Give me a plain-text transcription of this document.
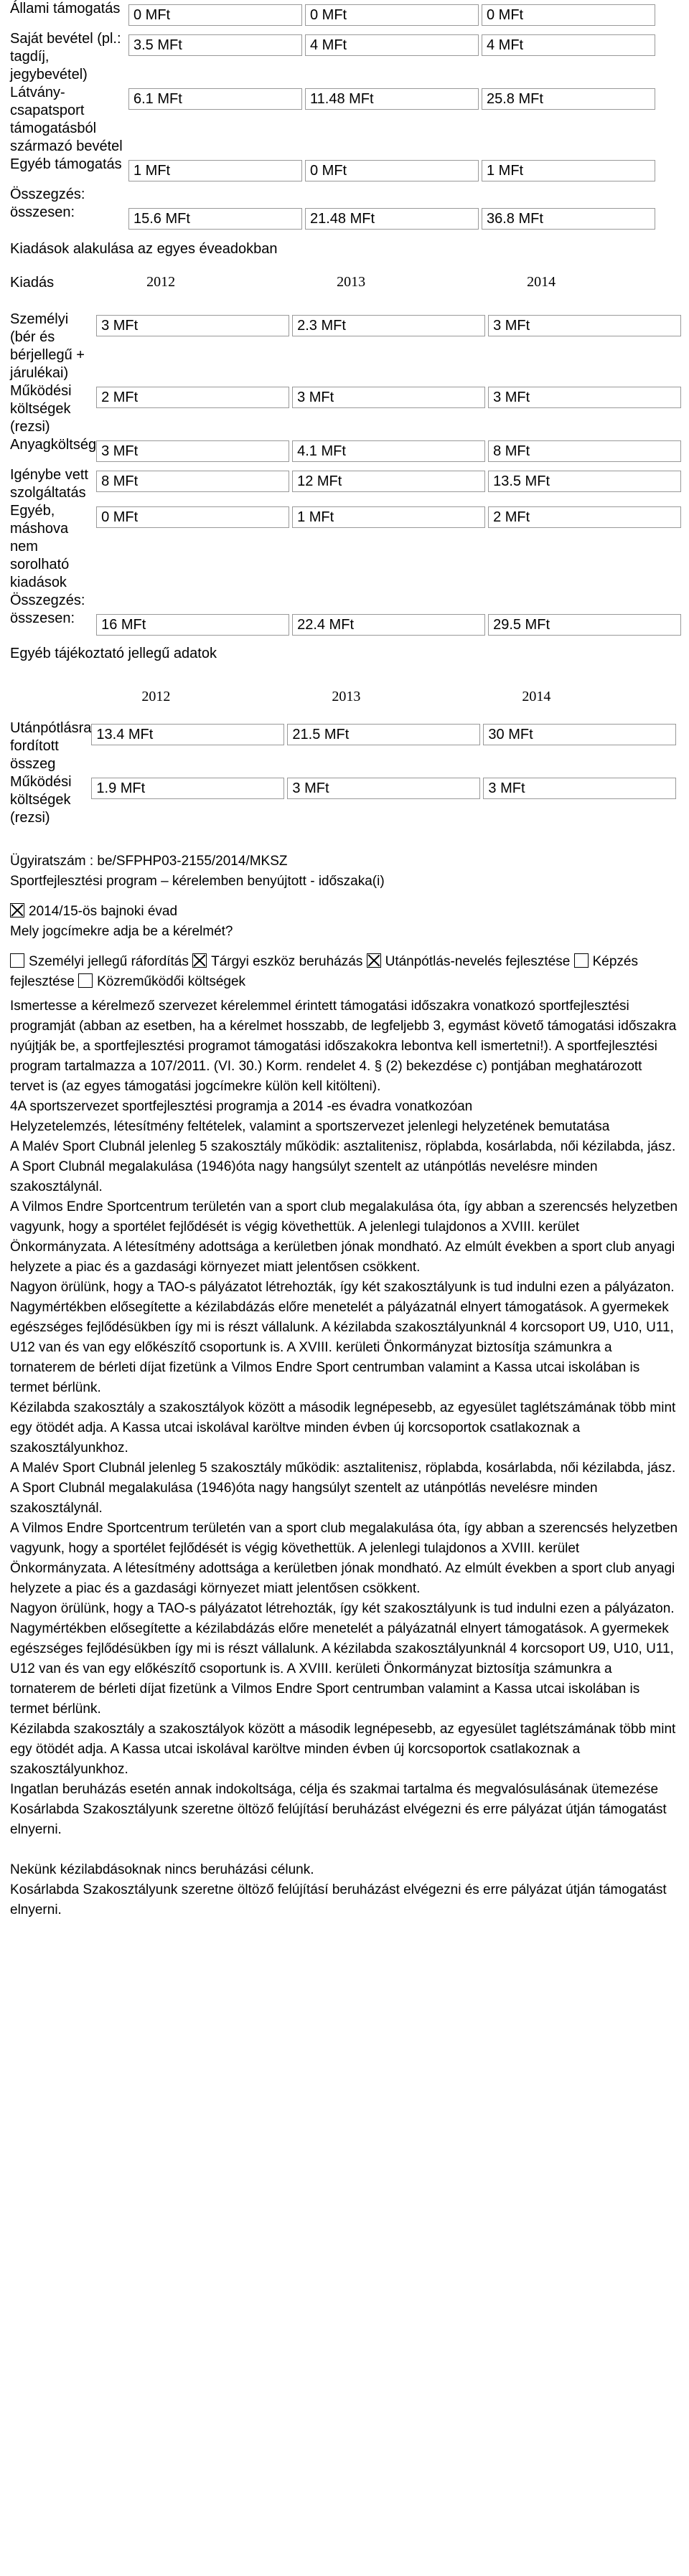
Állami támogatás	0 MFt 0 MFt 0 MFt

Saját bevétel (pl.: tagdíj, jegybevétel)	3.5 MFt 4 MFt 4 MFt

Látvány-csapatsport támogatásból származó bevétel	6.1 MFt 11.48 MFt 25.8 MFt

Egyéb támogatás	1 MFt 0 MFt 1 MFt

Összegzés:	
összesen:	15.6 MFt 21.48 MFt 36.8 MFt
Kiadások alakulása az egyes éveadokban
Kiadás	2012 2013 2014

Személyi (bér és bérjellegű + járulékai)	3 MFt 2.3 MFt 3 MFt

Működési költségek (rezsi)	2 MFt 3 MFt 3 MFt

Anyagköltség	3 MFt 4.1 MFt 8 MFt

Igénybe vett szolgáltatás	8 MFt 12 MFt 13.5 MFt

Egyéb, máshova nem sorolható kiadások	0 MFt 1 MFt 2 MFt

Összegzés:	
összesen:	16 MFt 22.4 MFt 29.5 MFt
Egyéb tájékoztató jellegű adatok

	2012 2013 2014

Utánpótlásra fordított összeg	13.4 MFt 21.5 MFt 30 MFt

Működési költségek (rezsi)	1.9 MFt 3 MFt 3 MFt
Ügyiratszám : be/SFPHP03-2155/2014/MKSZ
Sportfejlesztési program – kérelemben benyújtott - időszaka(i)
2014/15-ös bajnoki évad
Mely jogcímekre adja be a kérelmét?
Személyi jellegű ráfordítás Tárgyi eszköz beruházás Utánpótlás-nevelés fejlesztése Képzés fejlesztése Közreműködői költségek
Ismertesse a kérelmező szervezet kérelemmel érintett támogatási időszakra vonatkozó sportfejlesztési programját (abban az esetben, ha a kérelmet hosszabb, de legfeljebb 3, egymást követő támogatási időszakra nyújtják be, a sportfejlesztési programot támogatási időszakokra lebontva kell ismertetni!). A sportfejlesztési program tartalmazza a 107/2011. (VI. 30.) Korm. rendelet 4. § (2) bekezdése c) pontjában meghatározott tervet is (az egyes támogatási jogcímekre külön kell kitölteni).
4A sportszervezet sportfejlesztési programja a 2014 -es évadra vonatkozóan
Helyzetelemzés, létesítmény feltételek, valamint a sportszervezet jelenlegi helyzetének bemutatása
A Malév Sport Clubnál jelenleg 5 szakosztály működik: asztalitenisz, röplabda, kosárlabda, női kézilabda, jász.
A Sport Clubnál megalakulása (1946)óta nagy hangsúlyt szentelt az utánpótlás nevelésre minden szakosztálynál.
A Vilmos Endre Sportcentrum területén van a sport club megalakulása óta, így abban a szerencsés helyzetben vagyunk, hogy a sportélet fejlődését is végig követhettük. A jelenlegi tulajdonos a XVIII. kerület Önkormányzata. A létesítmény adottsága a kerületben jónak mondható. Az elmúlt években a sport club anyagi helyzete a piac és a gazdasági környezet miatt jelentősen csökkent.
Nagyon örülünk, hogy a TAO-s pályázatot létrehozták, így két szakosztályunk is tud indulni ezen a pályázaton.
Nagymértékben elősegítette a kézilabdázás előre menetelét a pályázatnál elnyert támogatások. A gyermekek egészséges fejlődésükben így mi is részt vállalunk. A kézilabda szakosztályunknál 4 korcsoport U9, U10, U11, U12 van és van egy előkészítő csoportunk is. A XVIII. kerületi Önkormányzat biztosítja számunkra a tornaterem de bérleti díjat fizetünk a Vilmos Endre Sport centrumban valamint a Kassa utcai iskolában is termet bérlünk.
Kézilabda szakosztály a szakosztályok között a második legnépesebb, az egyesület taglétszámának több mint egy ötödét adja. A Kassa utcai iskolával karöltve minden évben új korcsoportok csatlakoznak a szakosztályunkhoz.
A Malév Sport Clubnál jelenleg 5 szakosztály működik: asztalitenisz, röplabda, kosárlabda, női kézilabda, jász.
A Sport Clubnál megalakulása (1946)óta nagy hangsúlyt szentelt az utánpótlás nevelésre minden szakosztálynál.
A Vilmos Endre Sportcentrum területén van a sport club megalakulása óta, így abban a szerencsés helyzetben vagyunk, hogy a sportélet fejlődését is végig követhettük. A jelenlegi tulajdonos a XVIII. kerület Önkormányzata. A létesítmény adottsága a kerületben jónak mondható. Az elmúlt években a sport club anyagi helyzete a piac és a gazdasági környezet miatt jelentősen csökkent.
Nagyon örülünk, hogy a TAO-s pályázatot létrehozták, így két szakosztályunk is tud indulni ezen a pályázaton.
Nagymértékben elősegítette a kézilabdázás előre menetelét a pályázatnál elnyert támogatások. A gyermekek egészséges fejlődésükben így mi is részt vállalunk. A kézilabda szakosztályunknál 4 korcsoport U9, U10, U11, U12 van és van egy előkészítő csoportunk is. A XVIII. kerületi Önkormányzat biztosítja számunkra a tornaterem de bérleti díjat fizetünk a Vilmos Endre Sport centrumban valamint a Kassa utcai iskolában is termet bérlünk.
Kézilabda szakosztály a szakosztályok között a második legnépesebb, az egyesület taglétszámának több mint egy ötödét adja. A Kassa utcai iskolával karöltve minden évben új korcsoportok csatlakoznak a szakosztályunkhoz.
Ingatlan beruházás esetén annak indokoltsága, célja és szakmai tartalma és megvalósulásának ütemezése
Kosárlabda Szakosztályunk szeretne öltöző felújításí beruházást elvégezni és erre pályázat útján támogatást elnyerni.
Nekünk kézilabdásoknak nincs beruházási célunk.
Kosárlabda Szakosztályunk szeretne öltöző felújításí beruházást elvégezni és erre pályázat útján támogatást elnyerni.
